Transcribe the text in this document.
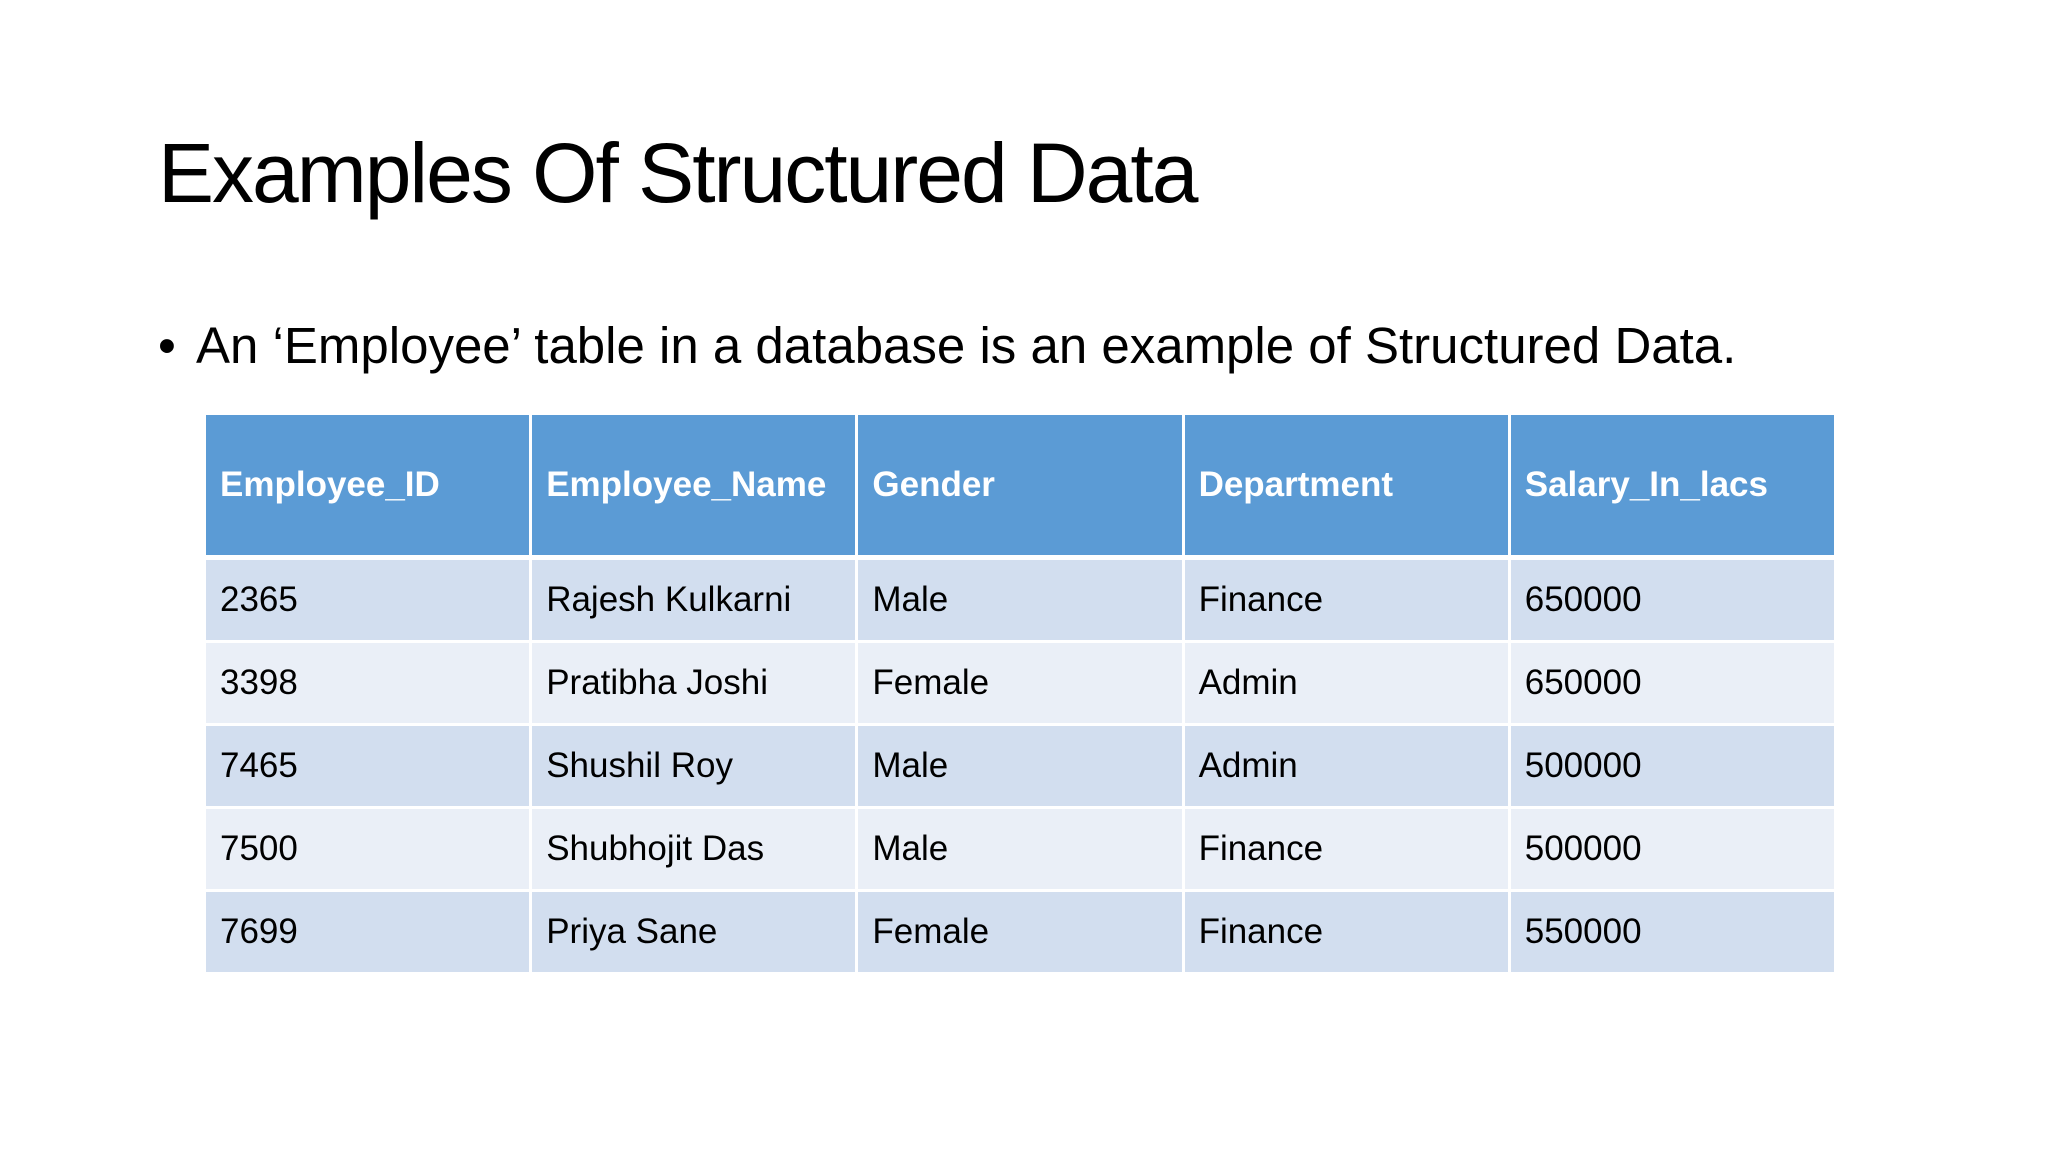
Examples Of Structured Data
• An ‘Employee’ table in a database is an example of Structured Data.
Employee_ID	Employee_Name	Gender	Department	Salary_In_lacs
2365	Rajesh Kulkarni	Male	Finance	650000
3398	Pratibha Joshi	Female	Admin	650000
7465	Shushil Roy	Male	Admin	500000
7500	Shubhojit Das	Male	Finance	500000
7699	Priya Sane	Female	Finance	550000
